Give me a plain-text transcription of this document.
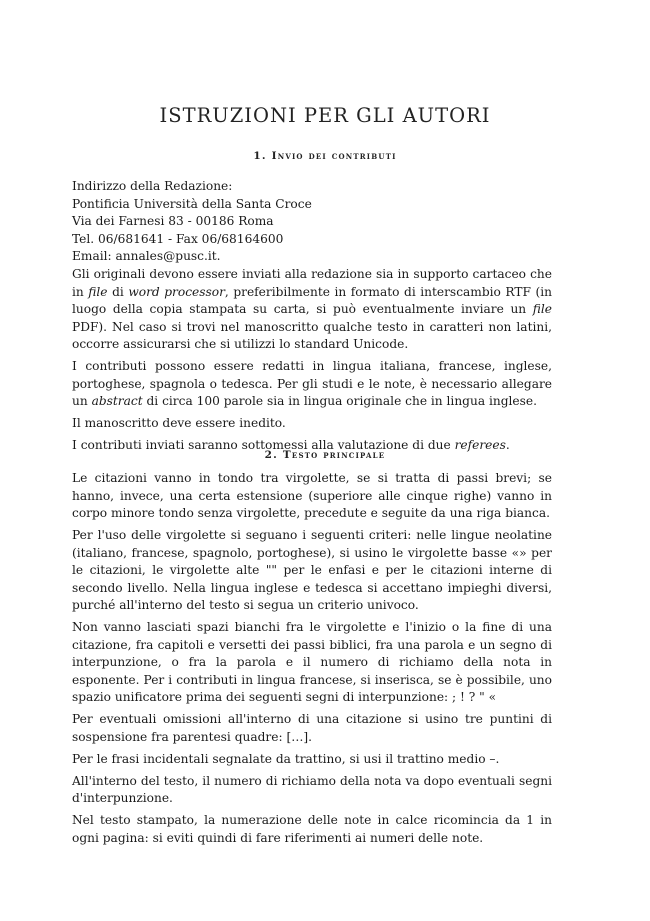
ISTRUZIONI PER GLI AUTORI
1. Invio dei contributi
Indirizzo della Redazione:
Pontificia Università della Santa Croce
Via dei Farnesi 83 - 00186 Roma
Tel. 06/681641 - Fax 06/68164600
Email: annales@pusc.it.

Gli originali devono essere inviati alla redazione sia in supporto cartaceo che in file di word processor, preferibilmente in formato di interscambio RTF (in luogo della copia stampata su carta, si può eventualmente inviare un file PDF). Nel caso si trovi nel manoscritto qualche testo in caratteri non latini, occorre assicurarsi che si utilizzi lo standard Unicode.

I contributi possono essere redatti in lingua italiana, francese, inglese, portoghese, spagnola o tedesca. Per gli studi e le note, è necessario allegare un abstract di circa 100 parole sia in lingua originale che in lingua inglese.

Il manoscritto deve essere inedito.

I contributi inviati saranno sottomessi alla valutazione di due referees.

2. Testo principale

Le citazioni vanno in tondo tra virgolette, se si tratta di passi brevi; se hanno, invece, una certa estensione (superiore alle cinque righe) vanno in corpo minore tondo senza virgolette, precedute e seguite da una riga bianca.

Per l'uso delle virgolette si seguano i seguenti criteri: nelle lingue neolatine (italiano, francese, spagnolo, portoghese), si usino le virgolette basse «» per le citazioni, le virgolette alte "" per le enfasi e per le citazioni interne di secondo livello. Nella lingua inglese e tedesca si accettano impieghi diversi, purché all'interno del testo si segua un criterio univoco.

Non vanno lasciati spazi bianchi fra le virgolette e l'inizio o la fine di una citazione, fra capitoli e versetti dei passi biblici, fra una parola e un segno di interpunzione, o fra la parola e il numero di richiamo della nota in esponente. Per i contributi in lingua francese, si inserisca, se è possibile, uno spazio unificatore prima dei seguenti segni di interpunzione: ; ! ? " «

Per eventuali omissioni all'interno di una citazione si usino tre puntini di sospensione fra parentesi quadre: […].

Per le frasi incidentali segnalate da trattino, si usi il trattino medio –.

All'interno del testo, il numero di richiamo della nota va dopo eventuali segni d'interpunzione.

Nel testo stampato, la numerazione delle note in calce ricomincia da 1 in ogni pagina: si eviti quindi di fare riferimenti ai numeri delle note.
